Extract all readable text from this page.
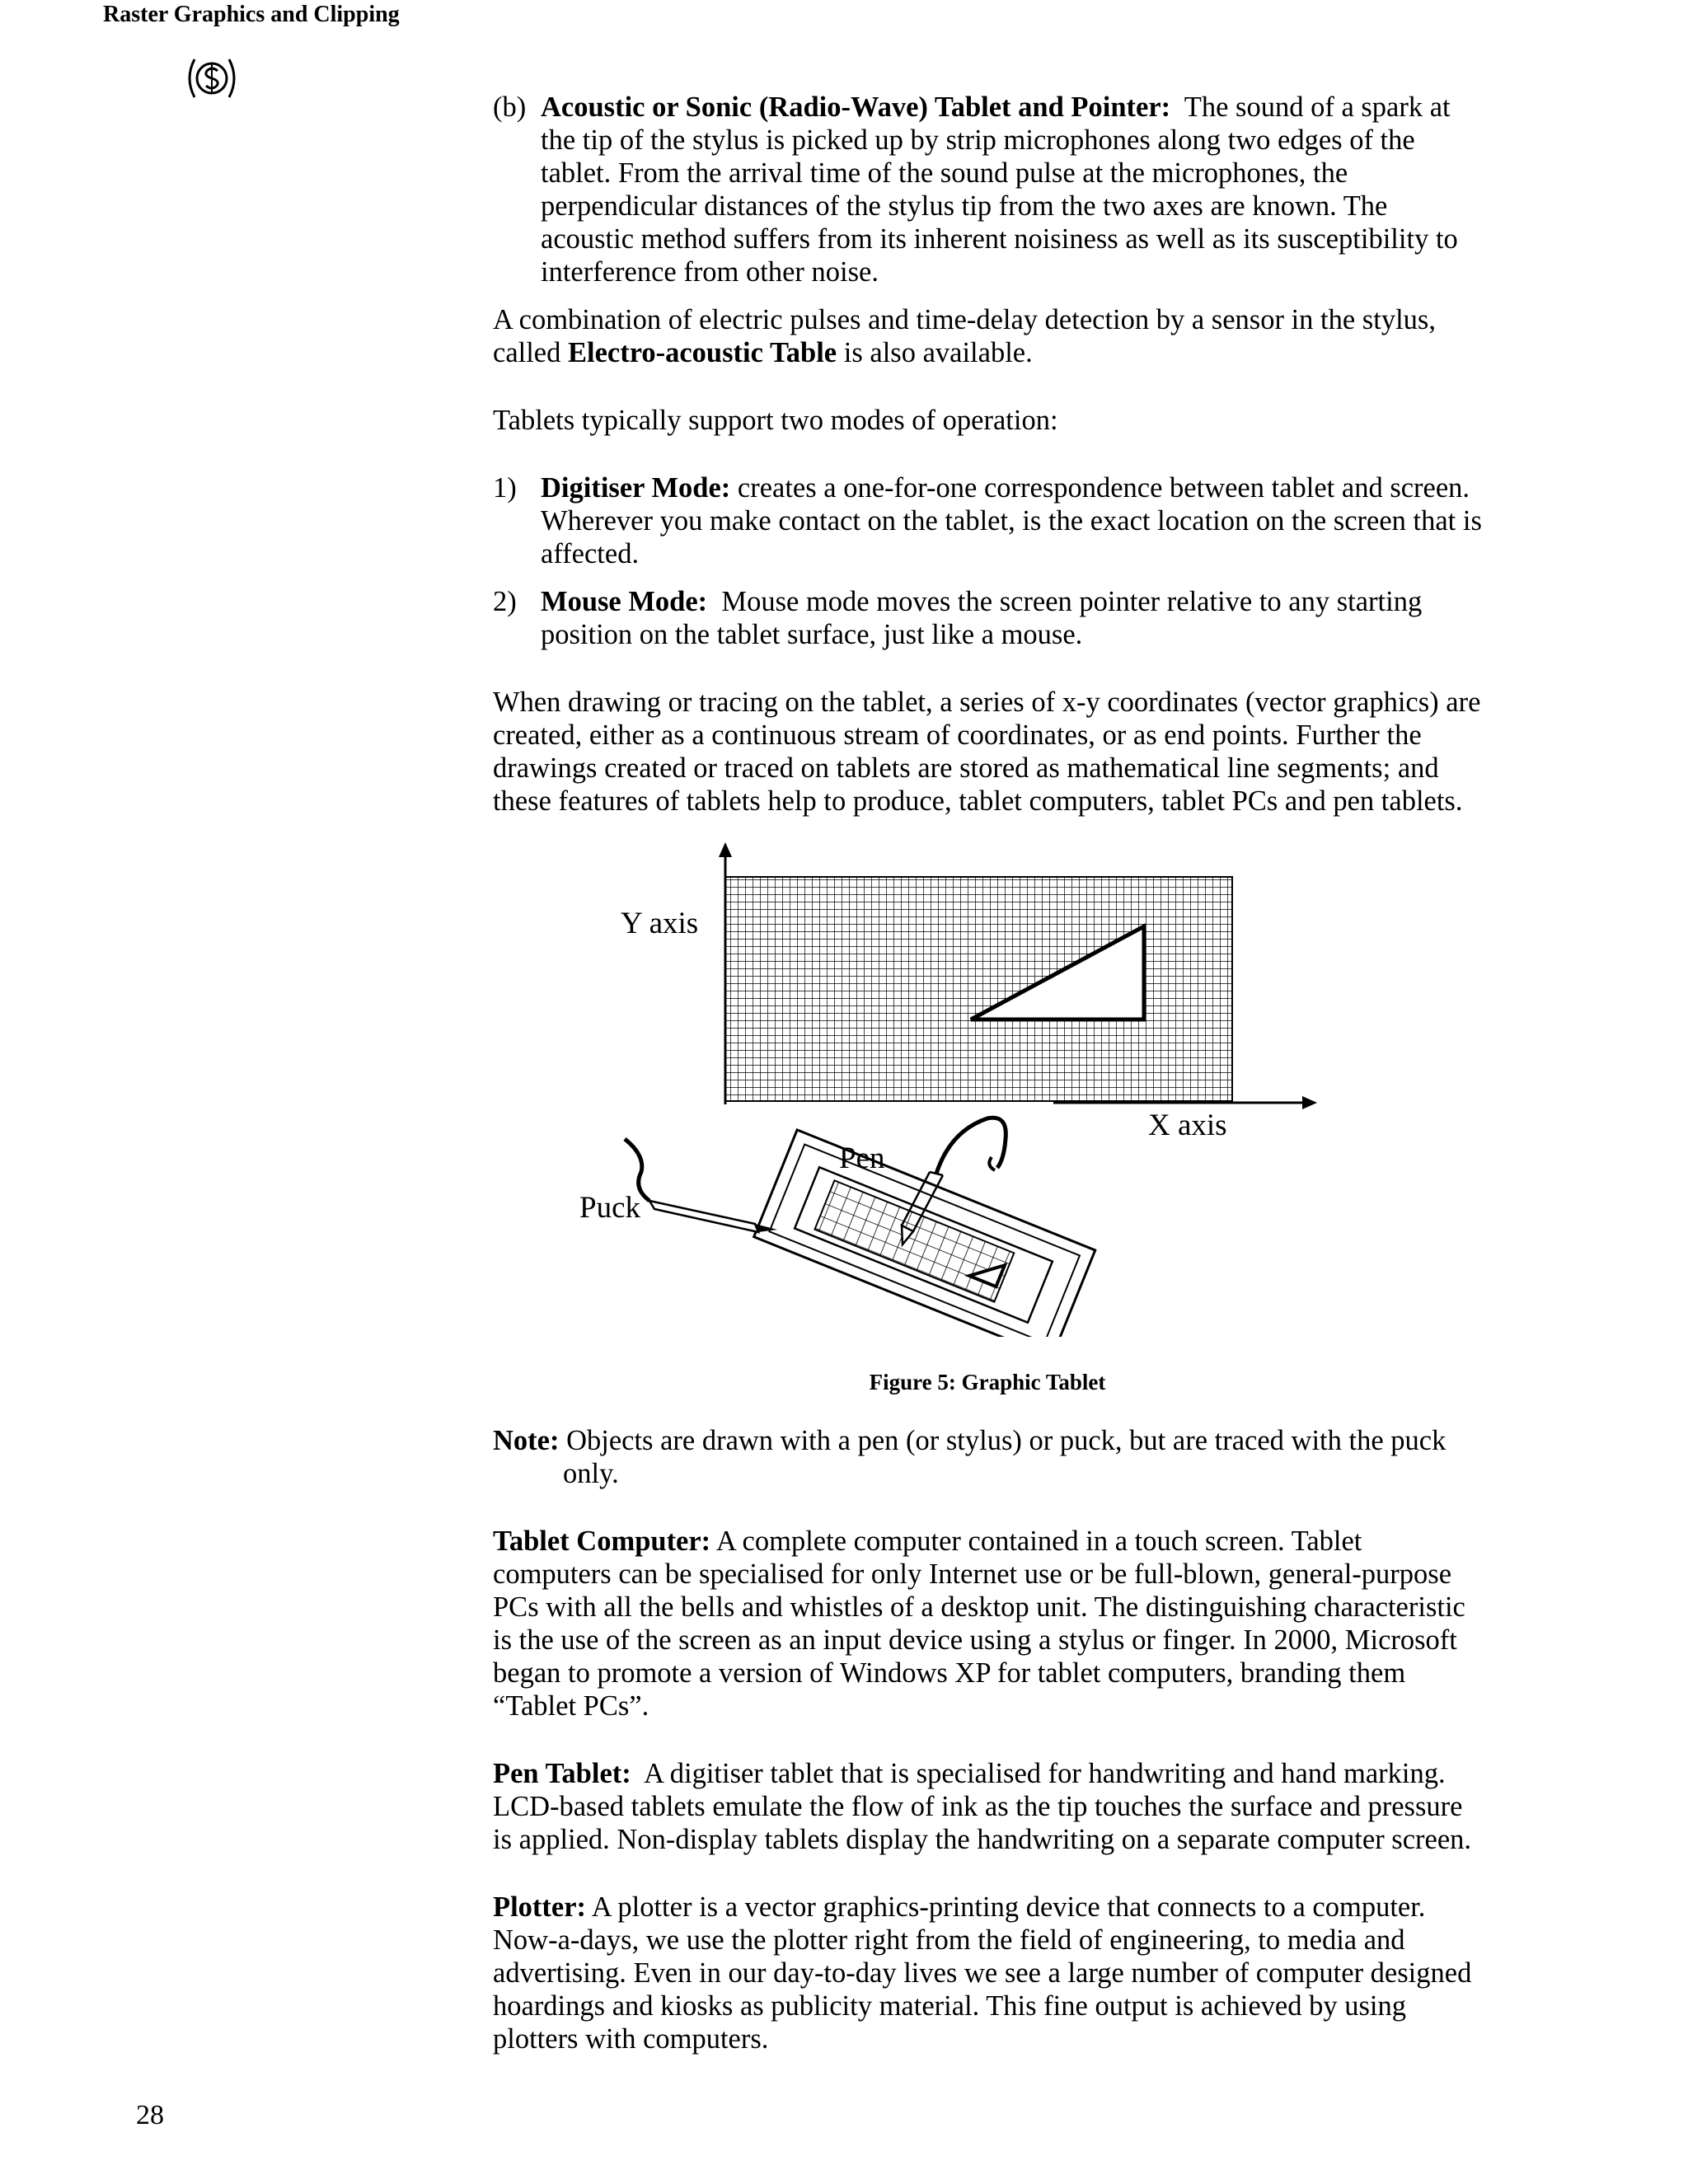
Raster Graphics and Clipping

(b) Acoustic or Sonic (Radio-Wave) Tablet and Pointer: The sound of a spark at the tip of the stylus is picked up by strip microphones along two edges of the tablet. From the arrival time of the sound pulse at the microphones, the perpendicular distances of the stylus tip from the two axes are known. The acoustic method suffers from its inherent noisiness as well as its susceptibility to interference from other noise.

A combination of electric pulses and time-delay detection by a sensor in the stylus, called Electro-acoustic Table is also available.

Tablets typically support two modes of operation:

1) Digitiser Mode: creates a one-for-one correspondence between tablet and screen. Wherever you make contact on the tablet, is the exact location on the screen that is affected.

2) Mouse Mode: Mouse mode moves the screen pointer relative to any starting position on the tablet surface, just like a mouse.

When drawing or tracing on the tablet, a series of x-y coordinates (vector graphics) are created, either as a continuous stream of coordinates, or as end points. Further the drawings created or traced on tablets are stored as mathematical line segments; and these features of tablets help to produce, tablet computers, tablet PCs and pen tablets.

Y axis
X axis
Pen
Puck
Figure 5: Graphic Tablet

Note: Objects are drawn with a pen (or stylus) or puck, but are traced with the puck only.

Tablet Computer: A complete computer contained in a touch screen. Tablet computers can be specialised for only Internet use or be full-blown, general-purpose PCs with all the bells and whistles of a desktop unit. The distinguishing characteristic is the use of the screen as an input device using a stylus or finger. In 2000, Microsoft began to promote a version of Windows XP for tablet computers, branding them “Tablet PCs”.

Pen Tablet: A digitiser tablet that is specialised for handwriting and hand marking. LCD-based tablets emulate the flow of ink as the tip touches the surface and pressure is applied. Non-display tablets display the handwriting on a separate computer screen.

Plotter: A plotter is a vector graphics-printing device that connects to a computer. Now-a-days, we use the plotter right from the field of engineering, to media and advertising. Even in our day-to-day lives we see a large number of computer designed hoardings and kiosks as publicity material. This fine output is achieved by using plotters with computers.

28
